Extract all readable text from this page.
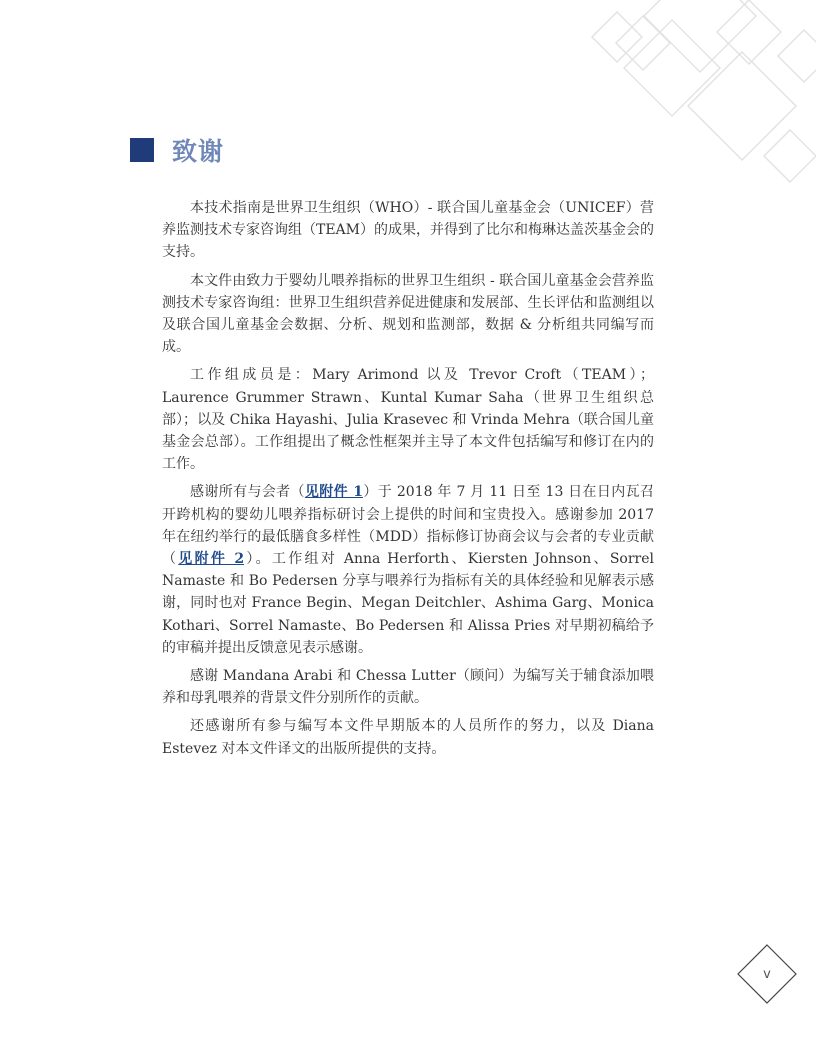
致谢

本技术指南是世界卫生组织（WHO）- 联合国儿童基金会（UNICEF）营养监测技术专家咨询组（TEAM）的成果，并得到了比尔和梅琳达盖茨基金会的支持。

本文件由致力于婴幼儿喂养指标的世界卫生组织 - 联合国儿童基金会营养监测技术专家咨询组：世界卫生组织营养促进健康和发展部、生长评估和监测组以及联合国儿童基金会数据、分析、规划和监测部，数据 & 分析组共同编写而成。

工作组成员是：Mary Arimond 以及 Trevor Croft（TEAM）；Laurence Grummer Strawn、Kuntal Kumar Saha（世界卫生组织总部）；以及 Chika Hayashi、Julia Krasevec 和 Vrinda Mehra（联合国儿童基金会总部）。工作组提出了概念性框架并主导了本文件包括编写和修订在内的工作。

感谢所有与会者（见附件 1）于 2018 年 7 月 11 日至 13 日在日内瓦召开跨机构的婴幼儿喂养指标研讨会上提供的时间和宝贵投入。感谢参加 2017 年在纽约举行的最低膳食多样性（MDD）指标修订协商会议与会者的专业贡献（见附件 2）。工作组对 Anna Herforth、Kiersten Johnson、Sorrel Namaste 和 Bo Pedersen 分享与喂养行为指标有关的具体经验和见解表示感谢，同时也对 France Begin、Megan Deitchler、Ashima Garg、Monica Kothari、Sorrel Namaste、Bo Pedersen 和 Alissa Pries 对早期初稿给予的审稿并提出反馈意见表示感谢。

感谢 Mandana Arabi 和 Chessa Lutter（顾问）为编写关于辅食添加喂养和母乳喂养的背景文件分别所作的贡献。

还感谢所有参与编写本文件早期版本的人员所作的努力，以及 Diana Estevez 对本文件译文的出版所提供的支持。

v
